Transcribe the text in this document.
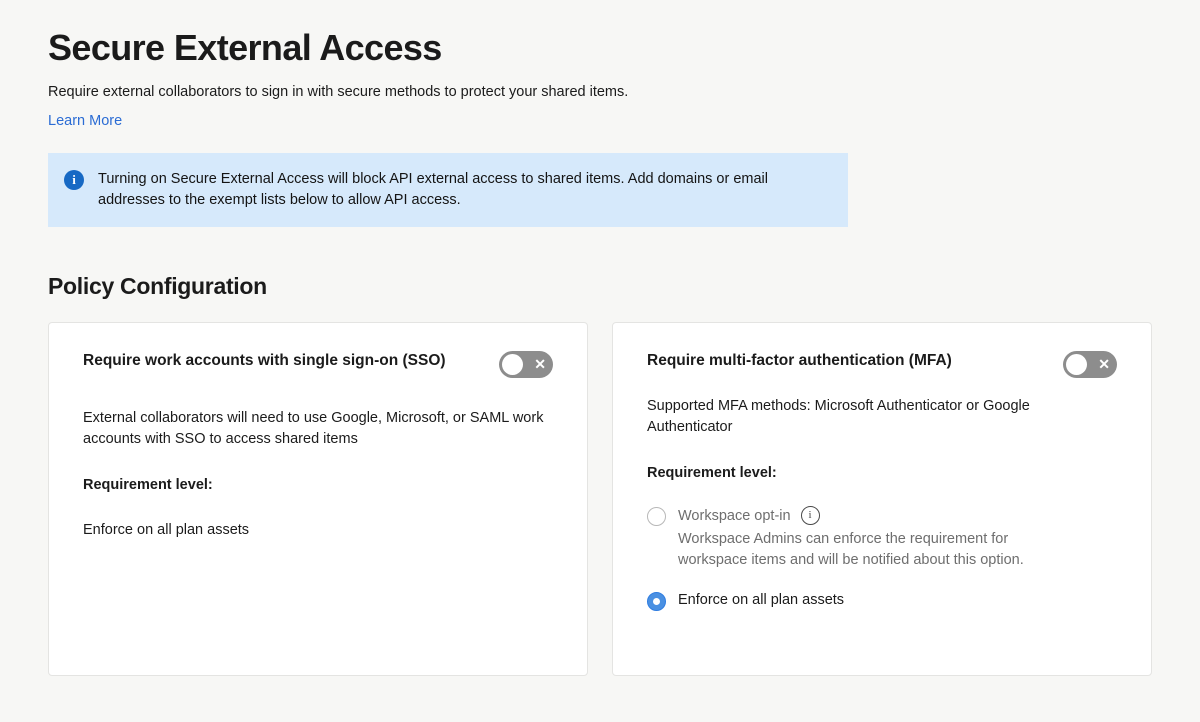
Secure External Access

Require external collaborators to sign in with secure methods to protect your shared items.

Learn More
i	Turning on Secure External Access will block API external access to shared items. Add domains or email addresses to the exempt lists below to allow API access.
Policy Configuration
Require work accounts with single sign-on (SSO)	✕

External collaborators will need to use Google, Microsoft, or SAML work accounts with SSO to access shared items

Requirement level:

Enforce on all plan assets

Require multi-factor authentication (MFA)	✕

Supported MFA methods: Microsoft Authenticator or Google Authenticator

Requirement level:

Workspace opt-in	i
Workspace Admins can enforce the requirement for workspace items and will be notified about this option.
Enforce on all plan assets
